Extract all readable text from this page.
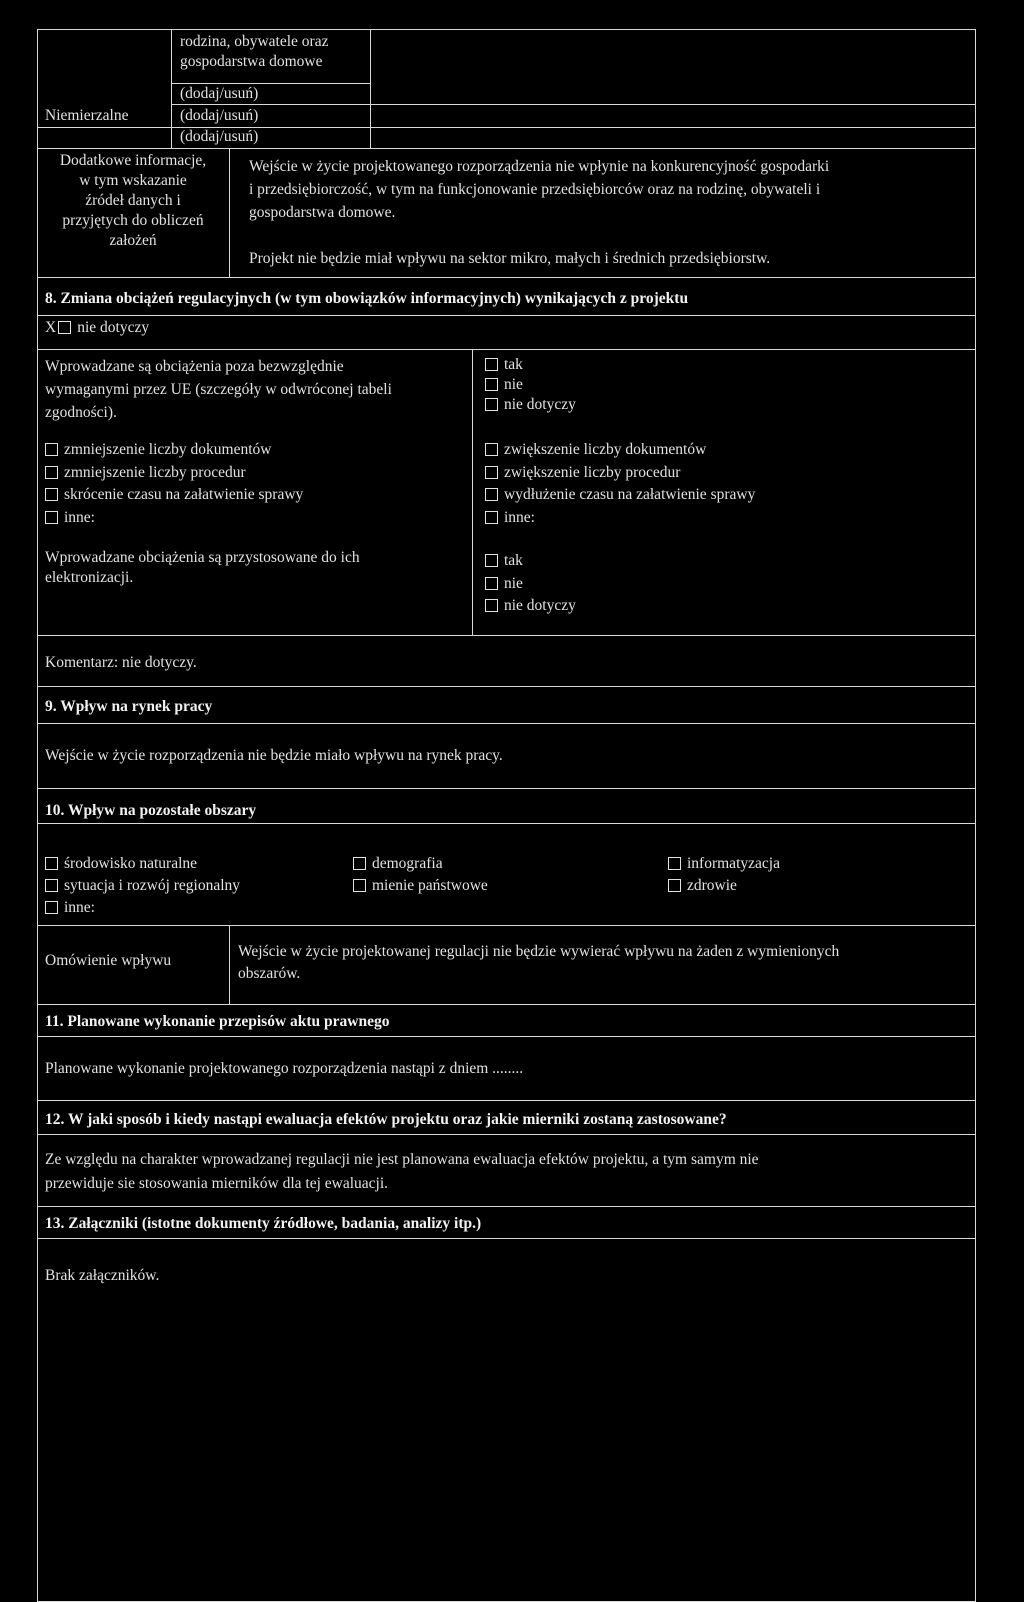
rodzina, obywatele oraz
gospodarstwa domowe
(dodaj/usuń)
Niemierzalne	(dodaj/usuń)
(dodaj/usuń)
Dodatkowe informacje,
w tym wskazanie
źródeł danych i
przyjętych do obliczeń
założeń
Wejście w życie projektowanego rozporządzenia nie wpłynie na konkurencyjność gospodarki
i przedsiębiorczość, w tym na funkcjonowanie przedsiębiorców oraz na rodzinę, obywateli i
gospodarstwa domowe.
Projekt nie będzie miał wpływu na sektor mikro, małych i średnich przedsiębiorstw.
8. Zmiana obciążeń regulacyjnych (w tym obowiązków informacyjnych) wynikających z projektu
X nie dotyczy
Wprowadzane są obciążenia poza bezwzględnie
wymaganymi przez UE (szczegóły w odwróconej tabeli
zgodności).
tak
nie
nie dotyczy
zmniejszenie liczby dokumentów
zmniejszenie liczby procedur
skrócenie czasu na załatwienie sprawy
inne:
zwiększenie liczby dokumentów
zwiększenie liczby procedur
wydłużenie czasu na załatwienie sprawy
inne:
Wprowadzane obciążenia są przystosowane do ich
elektronizacji.
tak
nie
nie dotyczy
Komentarz: nie dotyczy.
9. Wpływ na rynek pracy
Wejście w życie rozporządzenia nie będzie miało wpływu na rynek pracy.
10. Wpływ na pozostałe obszary
środowisko naturalne
sytuacja i rozwój regionalny
inne:
demografia
mienie państwowe
informatyzacja
zdrowie
Omówienie wpływu
Wejście w życie projektowanej regulacji nie będzie wywierać wpływu na żaden z wymienionych
obszarów.
11. Planowane wykonanie przepisów aktu prawnego
Planowane wykonanie projektowanego rozporządzenia nastąpi z dniem ........
12. W jaki sposób i kiedy nastąpi ewaluacja efektów projektu oraz jakie mierniki zostaną zastosowane?
Ze względu na charakter wprowadzanej regulacji nie jest planowana ewaluacja efektów projektu, a tym samym nie
przewiduje sie stosowania mierników dla tej ewaluacji.
13. Załączniki (istotne dokumenty źródłowe, badania, analizy itp.)
Brak załączników.
